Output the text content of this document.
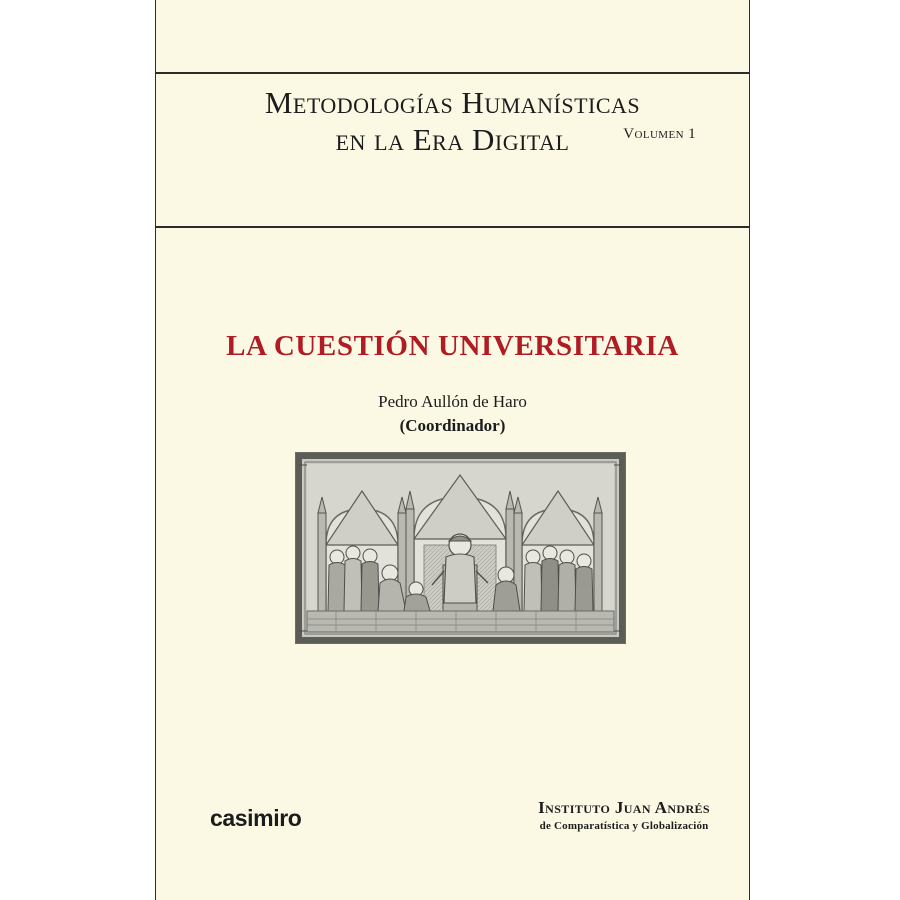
Metodologías Humanísticas
en la Era Digital	Volumen 1
LA CUESTIÓN UNIVERSITARIA
Pedro Aullón de Haro
(Coordinador)
casimiro	Instituto Juan Andrés
de Comparatística y Globalización
